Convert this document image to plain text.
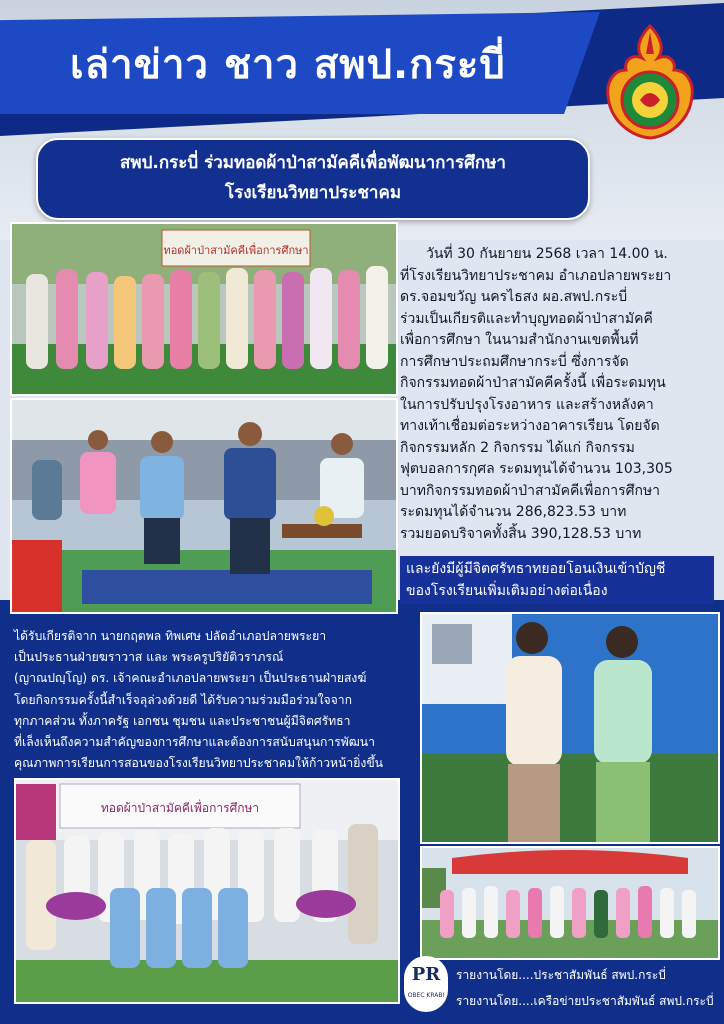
เล่าข่าว ชาว สพป.กระบี่
สพป.กระบี่ ร่วมทอดผ้าป่าสามัคคีเพื่อพัฒนาการศึกษา
โรงเรียนวิทยาประชาคม
ทอดผ้าป่าสามัคคีเพื่อการศึกษา	วันที่ 30 กันยายน 2568 เวลา 14.00 น.
ที่โรงเรียนวิทยาประชาคม อำเภอปลายพระยา
ดร.จอมขวัญ นครไธสง ผอ.สพป.กระบี่
ร่วมเป็นเกียรติและทำบุญทอดผ้าป่าสามัคคี
เพื่อการศึกษา ในนามสำนักงานเขตพื้นที่
การศึกษาประถมศึกษากระบี่ ซึ่งการจัด
กิจกรรมทอดผ้าป่าสามัคคีครั้งนี้ เพื่อระดมทุน
ในการปรับปรุงโรงอาหาร และสร้างหลังคา
ทางเท้าเชื่อมต่อระหว่างอาคารเรียน โดยจัด
กิจกรรมหลัก 2 กิจกรรม ได้แก่ กิจกรรม
ฟุตบอลการกุศล ระดมทุนได้จำนวน 103,305
บาทกิจกรรมทอดผ้าป่าสามัคคีเพื่อการศึกษา
ระดมทุนได้จำนวน 286,823.53 บาท
รวมยอดบริจาคทั้งสิ้น 390,128.53 บาท
และยังมีผู้มีจิตศรัทธาทยอยโอนเงินเข้าบัญชี
ของโรงเรียนเพิ่มเติมอย่างต่อเนื่อง
ได้รับเกียรติจาก นายกฤตพล ทิพเศษ ปลัดอำเภอปลายพระยา
เป็นประธานฝ่ายฆราวาส และ พระครูปริยัติวราภรณ์
(ญาณปญฺโญ) ดร. เจ้าคณะอำเภอปลายพระยา เป็นประธานฝ่ายสงฆ์
โดยกิจกรรมครั้งนี้สำเร็จลุล่วงด้วยดี ได้รับความร่วมมือร่วมใจจาก
ทุกภาคส่วน ทั้งภาครัฐ เอกชน ชุมชน และประชาชนผู้มีจิตศรัทธา
ที่เล็งเห็นถึงความสำคัญของการศึกษาและต้องการสนับสนุนการพัฒนา
คุณภาพการเรียนการสอนของโรงเรียนวิทยาประชาคมให้ก้าวหน้ายิ่งขึ้น
ทอดผ้าป่าสามัคคีเพื่อการศึกษา
PR
OBEC KRABI
รายงานโดย....ประชาสัมพันธ์ สพป.กระบี่
รายงานโดย....เครือข่ายประชาสัมพันธ์ สพป.กระบี่
